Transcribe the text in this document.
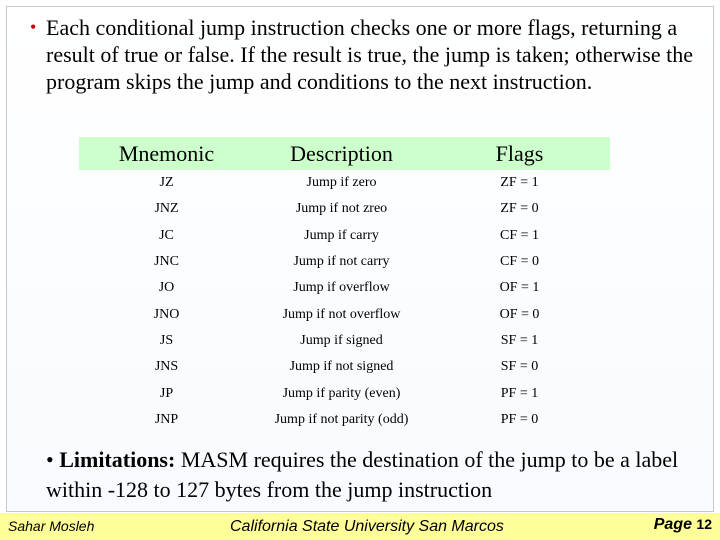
• Each conditional jump instruction checks one or more flags, returning a result of true or false. If the result is true, the jump is taken; otherwise the program skips the jump and conditions to the next instruction.
Mnemonic	Description	Flags
JZ	Jump if zero	ZF = 1
JNZ	Jump if not zreo	ZF = 0
JC	Jump if carry	CF = 1
JNC	Jump if not carry	CF = 0
JO	Jump if overflow	OF = 1
JNO	Jump if not overflow	OF = 0
JS	Jump if signed	SF = 1
JNS	Jump if not signed	SF = 0
JP	Jump if parity (even)	PF = 1
JNP	Jump if not parity (odd)	PF = 0
• Limitations: MASM requires the destination of the jump to be a label within -128 to 127 bytes from the jump instruction
Sahar Mosleh	California State University San Marcos	Page 12
